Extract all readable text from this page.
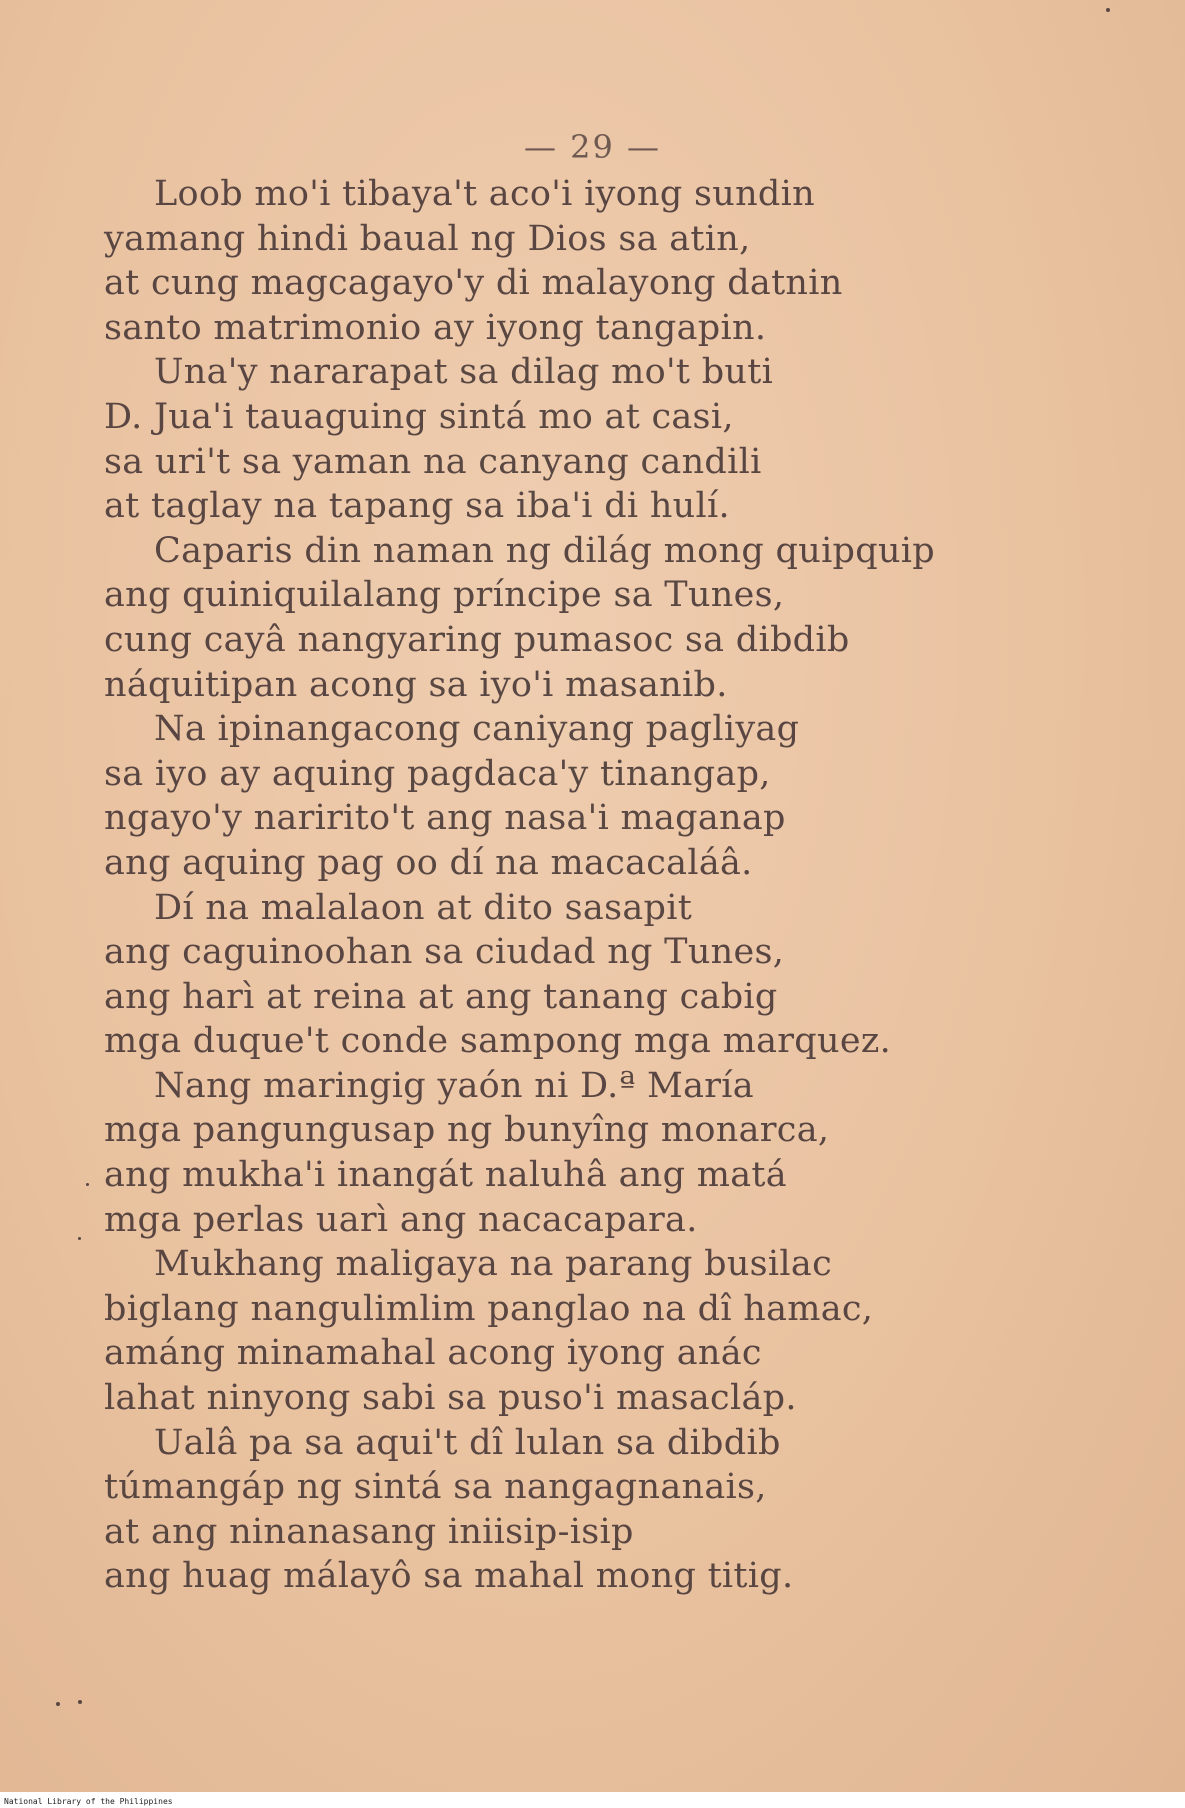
— 29 —
Loob mo'i tibaya't aco'i iyong sundin
yamang hindi baual ng Dios sa atin,
at cung magcagayo'y di malayong datnin
santo matrimonio ay iyong tangapin.
Una'y nararapat sa dilag mo't buti
D. Jua'i tauaguing sintá mo at casi,
sa uri't sa yaman na canyang candili
at taglay na tapang sa iba'i di hulí.
Caparis din naman ng dilág mong quipquip
ang quiniquilalang príncipe sa Tunes,
cung cayâ nangyaring pumasoc sa dibdib
náquitipan acong sa iyo'i masanib.
Na ipinangacong caniyang pagliyag
sa iyo ay aquing pagdaca'y tinangap,
ngayo'y naririto't ang nasa'i maganap
ang aquing pag oo dí na macacaláâ.
Dí na malalaon at dito sasapit
ang caguinoohan sa ciudad ng Tunes,
ang harì at reina at ang tanang cabig
mga duque't conde sampong mga marquez.
Nang maringig yaón ni D.ª María
mga pangungusap ng bunyîng monarca,
ang mukha'i inangát naluhâ ang matá
mga perlas uarì ang nacacapara.
Mukhang maligaya na parang busilac
biglang nangulimlim panglao na dî hamac,
amáng minamahal acong iyong anác
lahat ninyong sabi sa puso'i masacláp.
Ualâ pa sa aqui't dî lulan sa dibdib
túmangáp ng sintá sa nangagnanais,
at ang ninanasang iniisip-isip
ang huag málayô sa mahal mong titig.
National Library of the Philippines
